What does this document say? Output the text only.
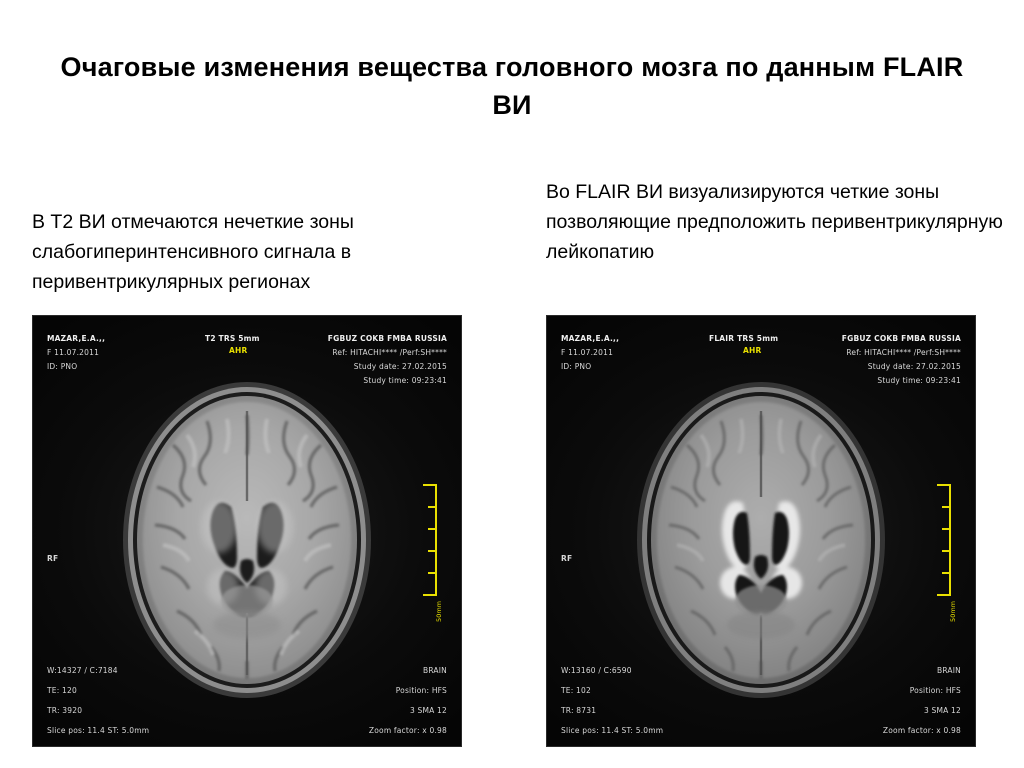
Очаговые изменения вещества головного мозга по данным FLAIR ВИ
В Т2 ВИ отмечаются нечеткие зоны слабогиперинтенсивного сигнала в перивентрикулярных регионах
Во FLAIR ВИ визуализируются четкие зоны позволяющие предположить перивентрикулярную лейкопатию
MAZAR,E.A.,,
F 11.07.2011
ID: PNO
T2 TRS 5mm
AHR
FGBUZ COKB FMBA RUSSIA
Ref: HITACHI**** /Perf:SH****
Study date: 27.02.2015
Study time: 09:23:41
RF
50mm
W:14327 / C:7184
TE: 120
TR: 3920
Slice pos: 11.4 ST: 5.0mm
BRAIN
Position: HFS
3 SMA 12
Zoom factor: x 0.98
MAZAR,E.A.,,
F 11.07.2011
ID: PNO
FLAIR TRS 5mm
AHR
FGBUZ COKB FMBA RUSSIA
Ref: HITACHI**** /Perf:SH****
Study date: 27.02.2015
Study time: 09:23:41
RF
50mm
W:13160 / C:6590
TE: 102
TR: 8731
Slice pos: 11.4 ST: 5.0mm
BRAIN
Position: HFS
3 SMA 12
Zoom factor: x 0.98
